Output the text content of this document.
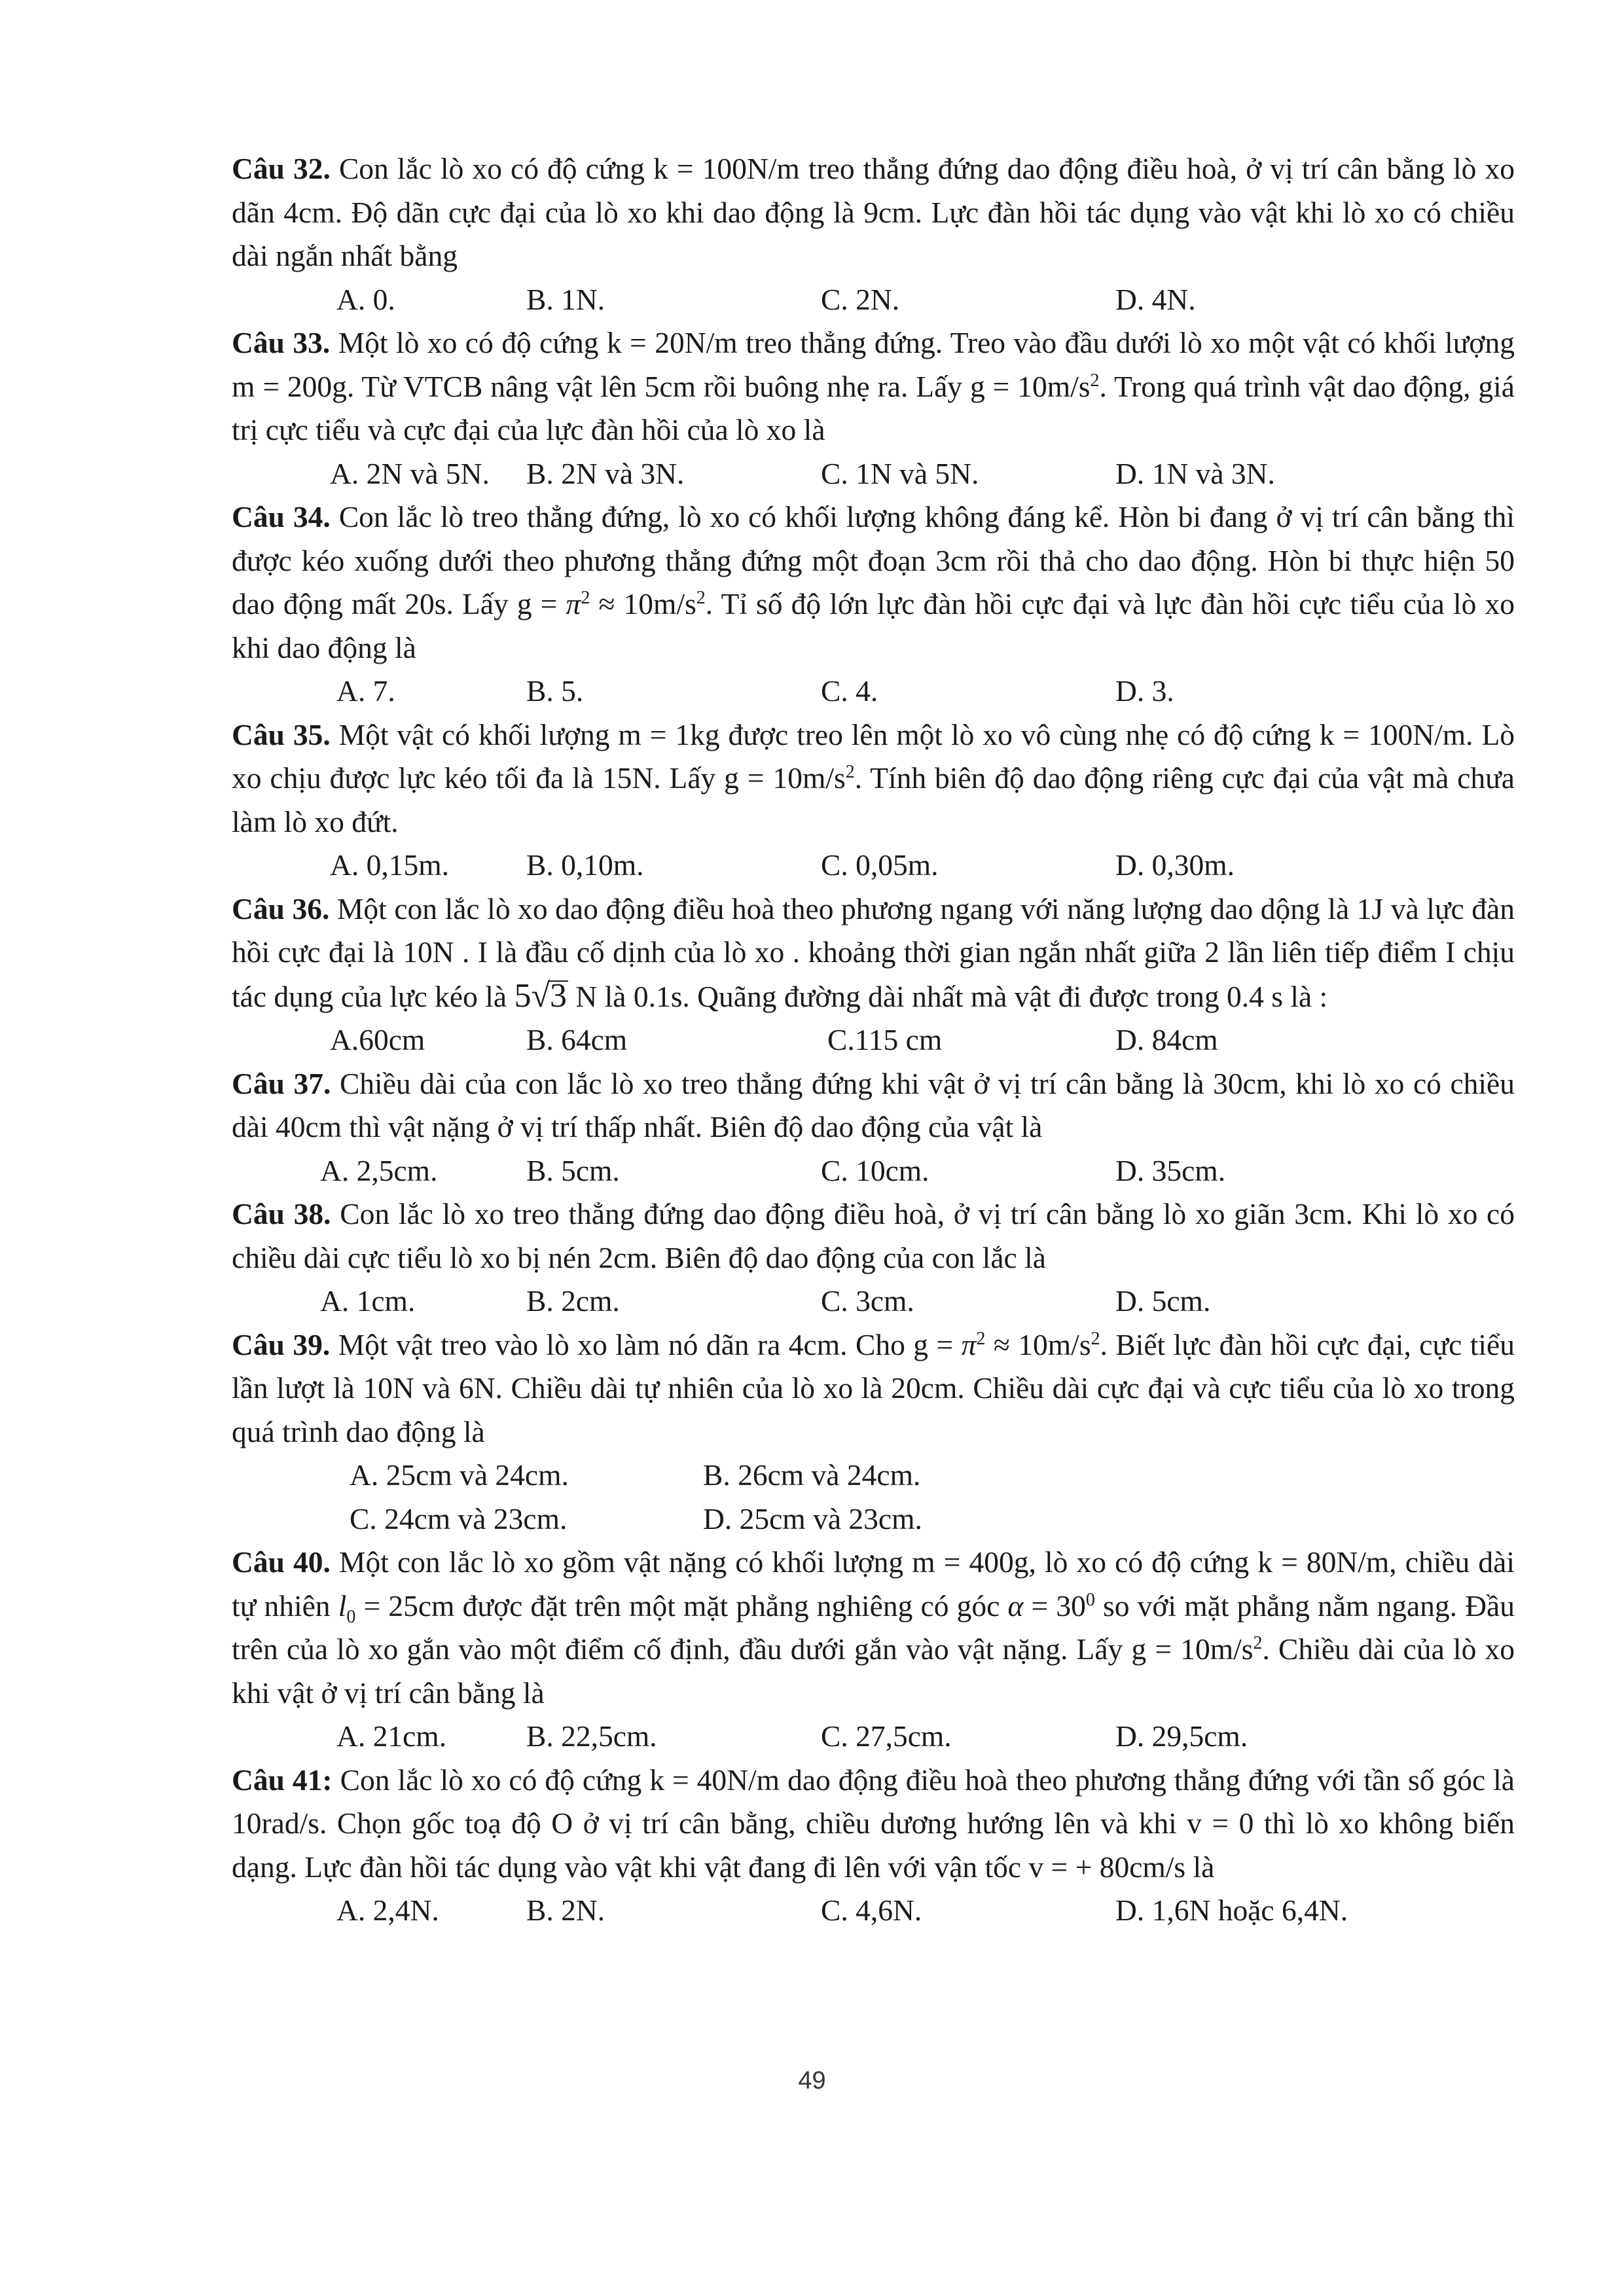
Câu 32. Con lắc lò xo có độ cứng k = 100N/m treo thẳng đứng dao động điều hoà, ở vị trí cân bằng lò xo dãn 4cm. Độ dãn cực đại của lò xo khi dao động là 9cm. Lực đàn hồi tác dụng vào vật khi lò xo có chiều dài ngắn nhất bằng

A. 0.	B. 1N.	C. 2N.	D. 4N.

Câu 33. Một lò xo có độ cứng k = 20N/m treo thẳng đứng. Treo vào đầu dưới lò xo một vật có khối lượng m = 200g. Từ VTCB nâng vật lên 5cm rồi buông nhẹ ra. Lấy $g = 10m/s^2$. Trong quá trình vật dao động, giá trị cực tiểu và cực đại của lực đàn hồi của lò xo là

A. 2N và 5N.	B. 2N và 3N.	C. 1N và 5N.	D. 1N và 3N.

Câu 34. Con lắc lò treo thẳng đứng, lò xo có khối lượng không đáng kể. Hòn bi đang ở vị trí cân bằng thì được kéo xuống dưới theo phương thẳng đứng một đoạn 3cm rồi thả cho dao động. Hòn bi thực hiện 50 dao động mất 20s. Lấy $g = \pi^2 \approx 10m/s^2$. Tỉ số độ lớn lực đàn hồi cực đại và lực đàn hồi cực tiểu của lò xo khi dao động là

A. 7.	B. 5.	C. 4.	D. 3.

Câu 35. Một vật có khối lượng m = 1kg được treo lên một lò xo vô cùng nhẹ có độ cứng k = 100N/m. Lò xo chịu được lực kéo tối đa là 15N. Lấy $g = 10m/s^2$. Tính biên độ dao động riêng cực đại của vật mà chưa làm lò xo đứt.

A. 0,15m.	B. 0,10m.	C. 0,05m.	D. 0,30m.

Câu 36. Một con lắc lò xo dao động điều hoà theo phương ngang với năng lượng dao dộng là 1J và lực đàn hồi cực đại là 10N . I là đầu cố dịnh của lò xo . khoảng thời gian ngắn nhất giữa 2 lần liên tiếp điểm I chịu tác dụng của lực kéo là 5√3 N là 0.1s. Quãng đường dài nhất mà vật đi được trong 0.4 s là :

A.60cm	B. 64cm	C.115 cm	D. 84cm

Câu 37. Chiều dài của con lắc lò xo treo thẳng đứng khi vật ở vị trí cân bằng là 30cm, khi lò xo có chiều dài 40cm thì vật nặng ở vị trí thấp nhất. Biên độ dao động của vật là

A. 2,5cm.	B. 5cm.	C. 10cm.	D. 35cm.

Câu 38. Con lắc lò xo treo thẳng đứng dao động điều hoà, ở vị trí cân bằng lò xo giãn 3cm. Khi lò xo có chiều dài cực tiểu lò xo bị nén 2cm. Biên độ dao động của con lắc là

A. 1cm.	B. 2cm.	C. 3cm.	D. 5cm.

Câu 39. Một vật treo vào lò xo làm nó dãn ra 4cm. Cho $g = \pi^2 \approx 10m/s^2$. Biết lực đàn hồi cực đại, cực tiểu lần lượt là 10N và 6N. Chiều dài tự nhiên của lò xo là 20cm. Chiều dài cực đại và cực tiểu của lò xo trong quá trình dao động là

A. 25cm và 24cm.	B. 26cm và 24cm.
C. 24cm và 23cm.	D. 25cm và 23cm.

Câu 40. Một con lắc lò xo gồm vật nặng có khối lượng m = 400g, lò xo có độ cứng k = 80N/m, chiều dài tự nhiên $l_0 = 25cm$ được đặt trên một mặt phẳng nghiêng có góc $\alpha = 30^0$ so với mặt phẳng nằm ngang. Đầu trên của lò xo gắn vào một điểm cố định, đầu dưới gắn vào vật nặng. Lấy $g = 10m/s^2$. Chiều dài của lò xo khi vật ở vị trí cân bằng là

A. 21cm.	B. 22,5cm.	C. 27,5cm.	D. 29,5cm.

Câu 41: Con lắc lò xo có độ cứng k = 40N/m dao động điều hoà theo phương thẳng đứng với tần số góc là 10rad/s. Chọn gốc toạ độ O ở vị trí cân bằng, chiều dương hướng lên và khi v = 0 thì lò xo không biến dạng. Lực đàn hồi tác dụng vào vật khi vật đang đi lên với vận tốc v = + 80cm/s là

A. 2,4N.	B. 2N.	C. 4,6N.	D. 1,6N hoặc 6,4N.
49
